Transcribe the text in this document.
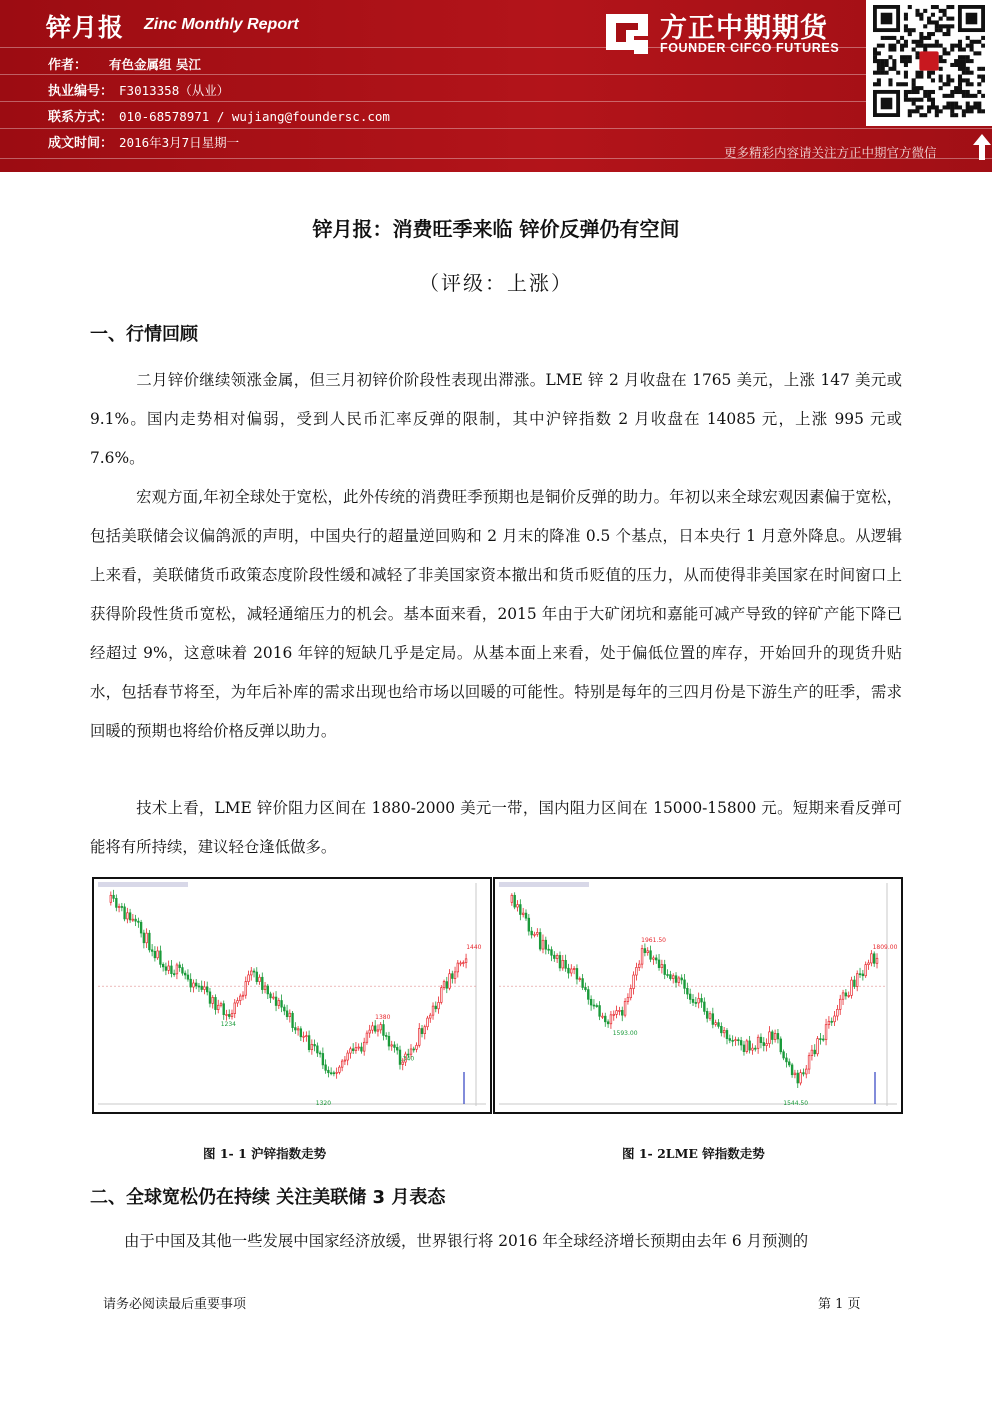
锌月报 Zinc Monthly Report
作者： 有色金属组 吴江
执业编号： F3013358（从业）
联系方式： 010-68578971 / wujiang@foundersc.com
成文时间： 2016年3月7日星期一
方正中期期货
FOUNDER CIFCO FUTURES
更多精彩内容请关注方正中期官方微信
锌月报：消费旺季来临 锌价反弹仍有空间
（评级：上涨）
一、行情回顾
二月锌价继续领涨金属，但三月初锌价阶段性表现出滞涨。LME 锌 2 月收盘在 1765 美元，上涨 147 美元或 9.1%。国内走势相对偏弱，受到人民币汇率反弹的限制，其中沪锌指数 2 月收盘在 14085 元，上涨 995 元或 7.6%。
宏观方面,年初全球处于宽松，此外传统的消费旺季预期也是铜价反弹的助力。年初以来全球宏观因素偏于宽松，包括美联储会议偏鸽派的声明，中国央行的超量逆回购和 2 月末的降准 0.5 个基点，日本央行 1 月意外降息。从逻辑上来看，美联储货币政策态度阶段性缓和减轻了非美国家资本撤出和货币贬值的压力，从而使得非美国家在时间窗口上获得阶段性货币宽松，减轻通缩压力的机会。基本面来看，2015 年由于大矿闭坑和嘉能可减产导致的锌矿产能下降已经超过 9%，这意味着 2016 年锌的短缺几乎是定局。从基本面上来看，处于偏低位置的库存，开始回升的现货升贴水，包括春节将至，为年后补库的需求出现也给市场以回暖的可能性。特别是每年的三四月份是下游生产的旺季，需求回暖的预期也将给价格反弹以助力。
技术上看，LME 锌价阻力区间在 1880-2000 美元一带，国内阻力区间在 15000-15800 元。短期来看反弹可能将有所持续，建议轻仓逢低做多。
1234
1380
1340
1320
1440
1961.50
1593.00
1544.50
1809.00
图 1- 1 沪锌指数走势	图 1- 2LME 锌指数走势
二、全球宽松仍在持续 关注美联储 3 月表态
由于中国及其他一些发展中国家经济放缓，世界银行将 2016 年全球经济增长预期由去年 6 月预测的
请务必阅读最后重要事项	第 1 页
